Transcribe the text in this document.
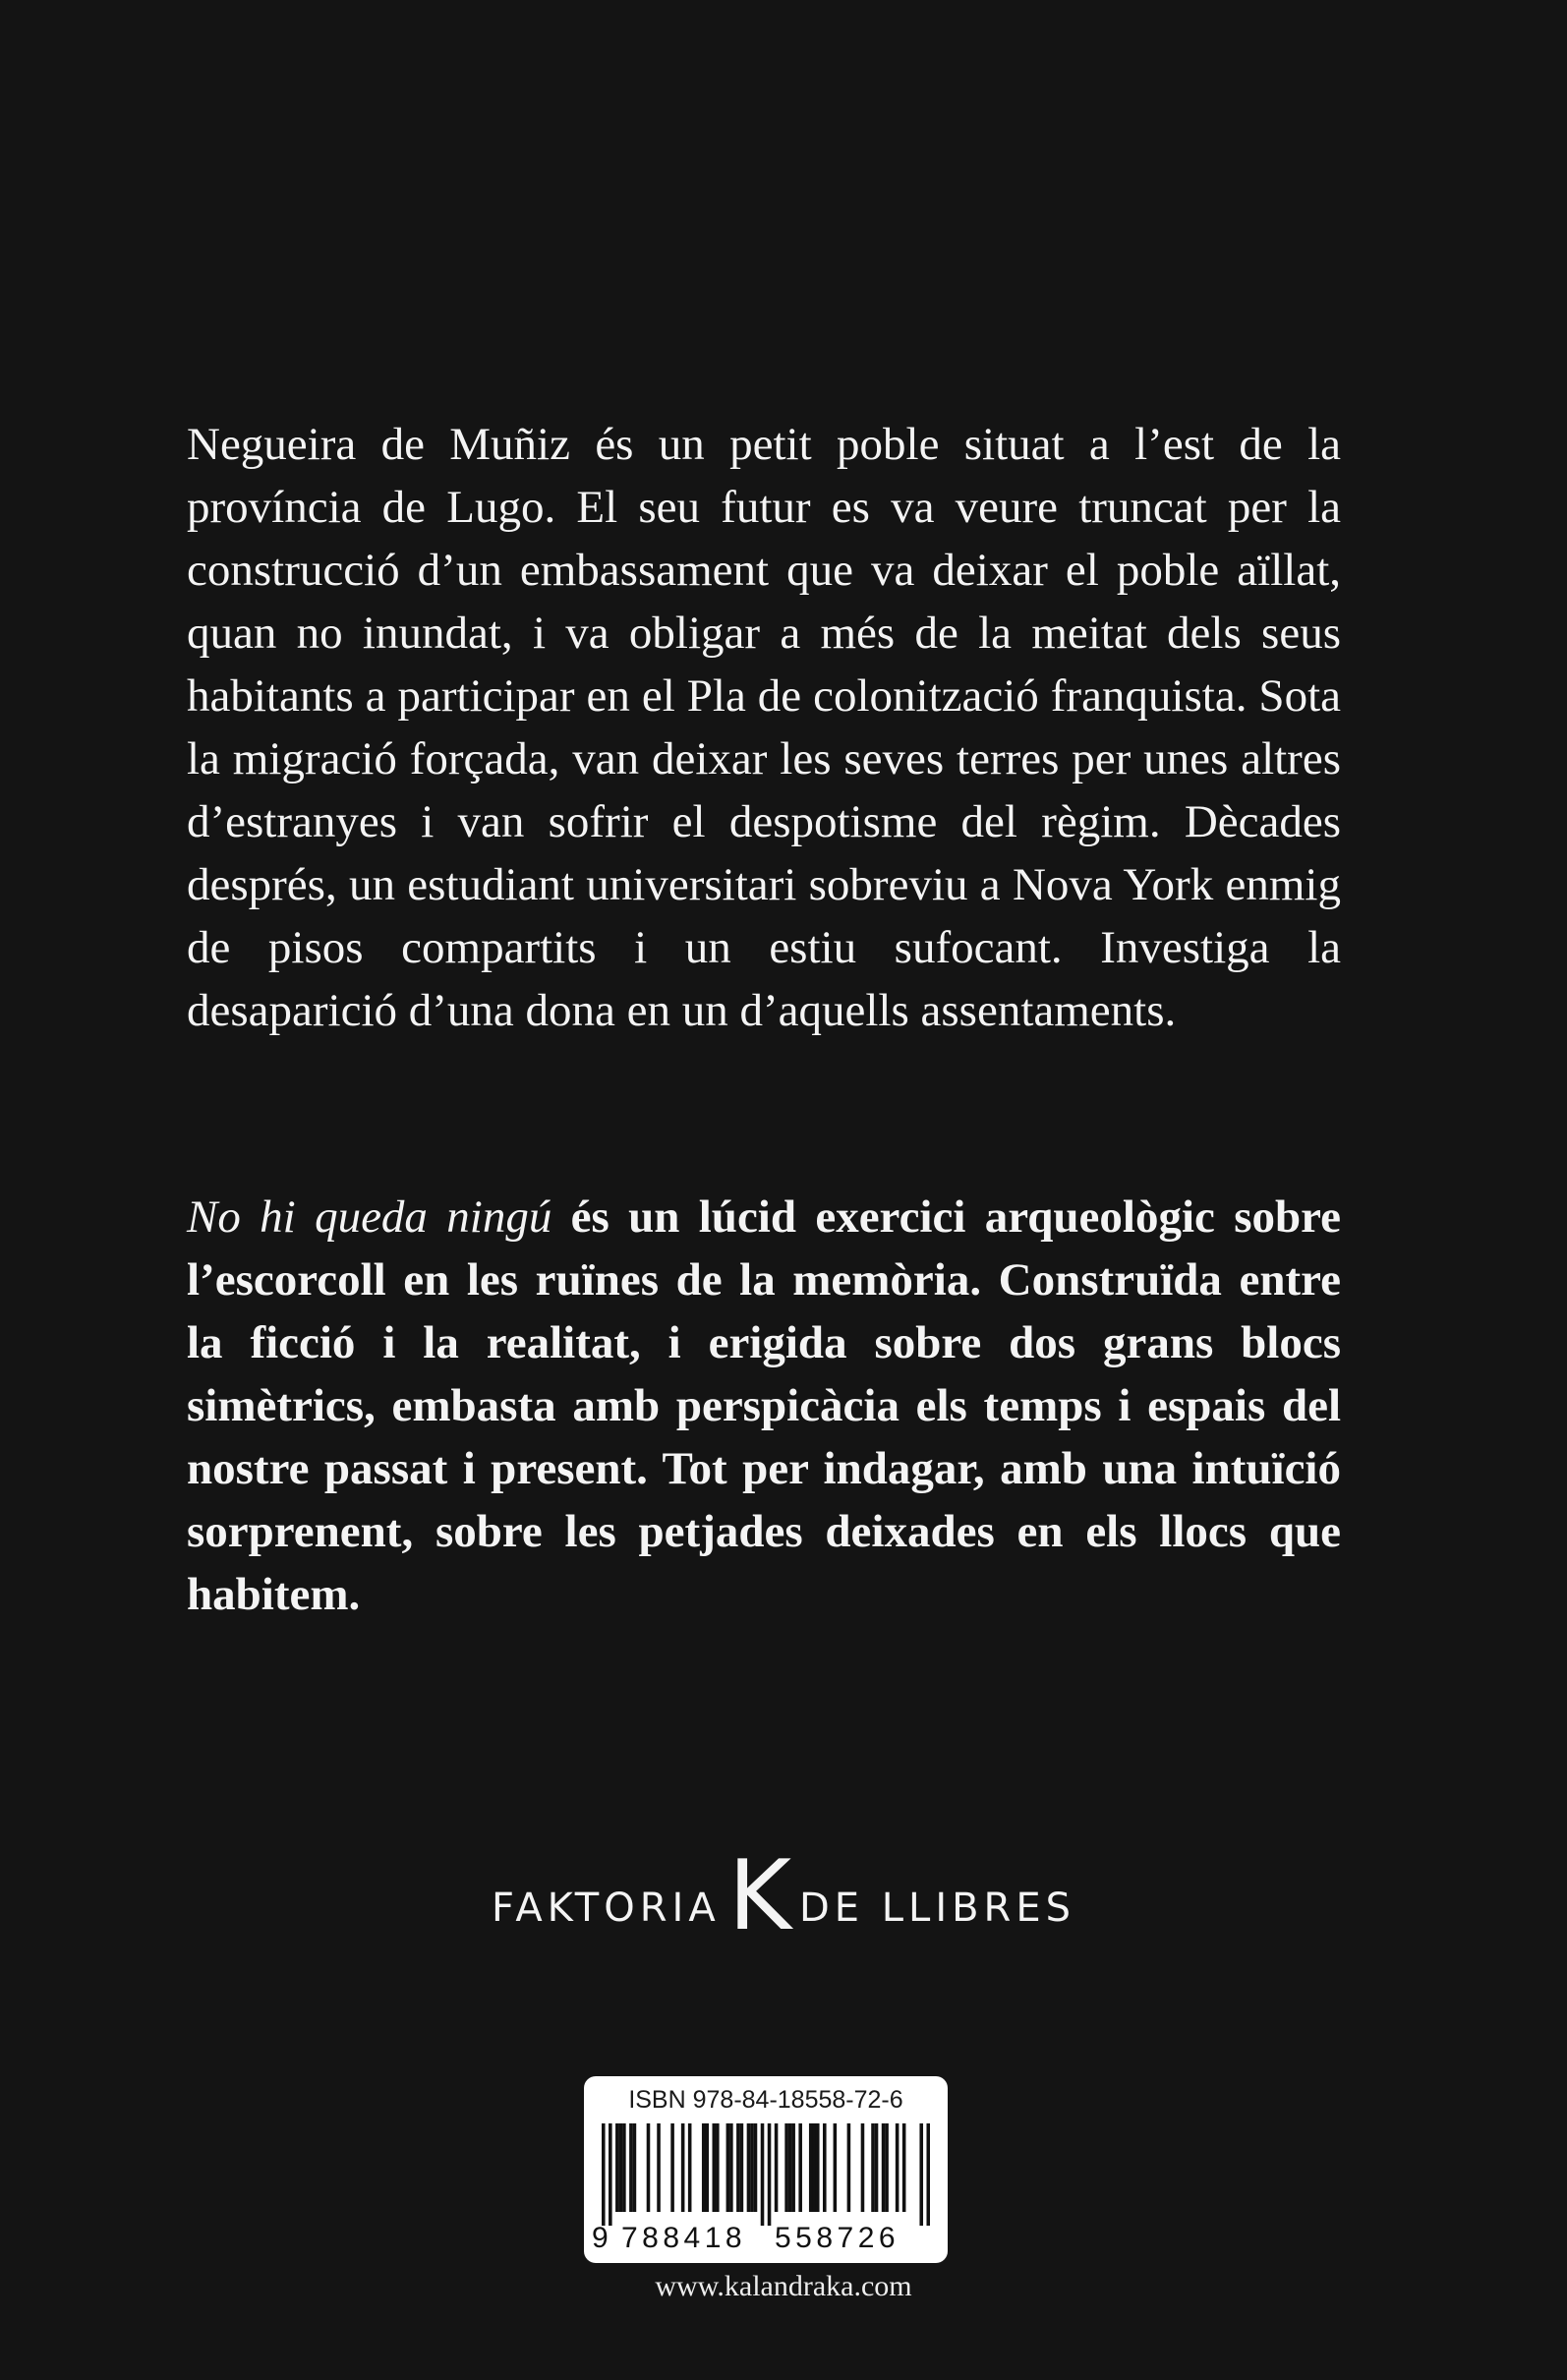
Negueira de Muñiz és un petit poble situat a l’est de la província de Lugo. El seu futur es va veure truncat per la construcció d’un embassament que va deixar el poble aïllat, quan no inundat, i va obligar a més de la meitat dels seus habitants a participar en el Pla de colonització franquista. Sota la migració forçada, van deixar les seves terres per unes altres d’estranyes i van sofrir el despotisme del règim. Dècades després, un estudiant universitari sobreviu a Nova York enmig de pisos compartits i un estiu sufocant. Investiga la desaparició d’una dona en un d’aquells assentaments.

No hi queda ningú és un lúcid exercici arqueològic sobre l’escorcoll en les ruïnes de la memòria. Construïda entre la ficció i la realitat, i erigida sobre dos grans blocs simètrics, embasta amb perspicàcia els temps i espais del nostre passat i present. Tot per indagar, amb una intuïció sorprenent, sobre les petjades deixades en els llocs que habitem.

FAKTORIAK DE LLIBRES
ISBN 978-84-18558-72-6
9 788418 558726
www.kalandraka.com
